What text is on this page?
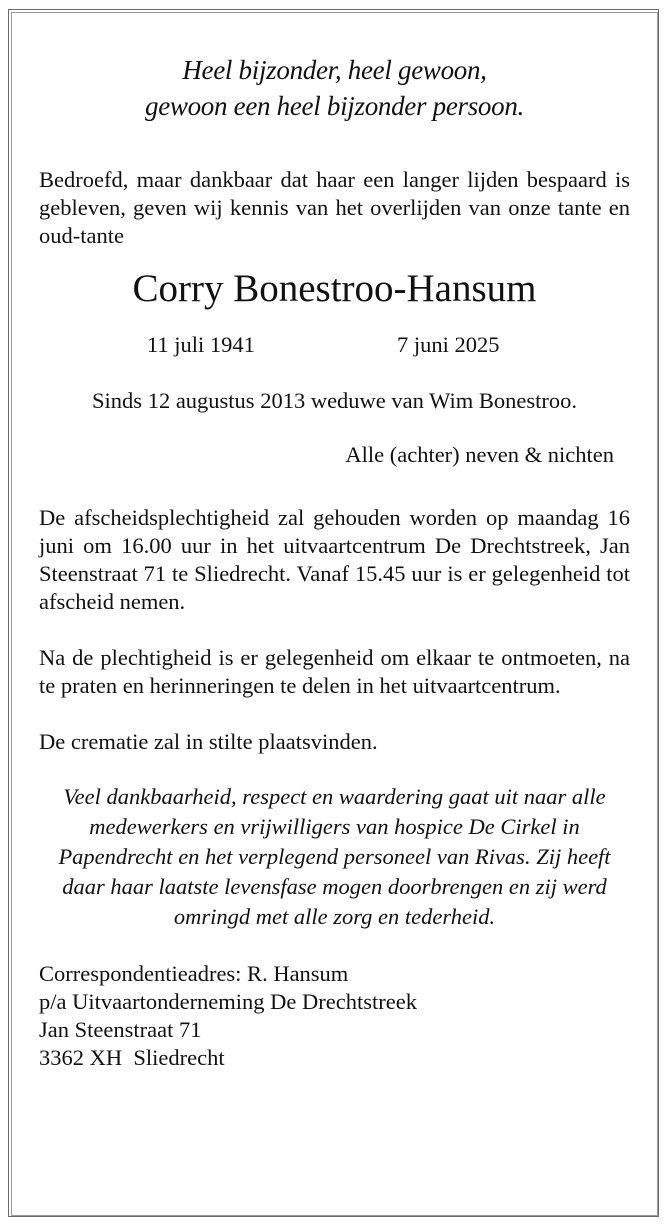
Heel bijzonder, heel gewoon,
gewoon een heel bijzonder persoon.

Bedroefd, maar dankbaar dat haar een langer lijden bespaard is gebleven, geven wij kennis van het overlijden van onze tante en oud-tante

Corry Bonestroo-Hansum
11 juli 1941	7 juni 2025
Sinds 12 augustus 2013 weduwe van Wim Bonestroo.
Alle (achter) neven & nichten

De afscheidsplechtigheid zal gehouden worden op maandag 16 juni om 16.00 uur in het uitvaartcentrum De Drechtstreek, Jan Steenstraat 71 te Sliedrecht. Vanaf 15.45 uur is er gelegenheid tot afscheid nemen.

Na de plechtigheid is er gelegenheid om elkaar te ontmoeten, na te praten en herinneringen te delen in het uitvaartcentrum.

De crematie zal in stilte plaatsvinden.

Veel dankbaarheid, respect en waardering gaat uit naar alle medewerkers en vrijwilligers van hospice De Cirkel in Papendrecht en het verplegend personeel van Rivas. Zij heeft daar haar laatste levensfase mogen doorbrengen en zij werd omringd met alle zorg en tederheid.
Correspondentieadres: R. Hansum
p/a Uitvaartonderneming De Drechtstreek
Jan Steenstraat 71
3362 XH  Sliedrecht
